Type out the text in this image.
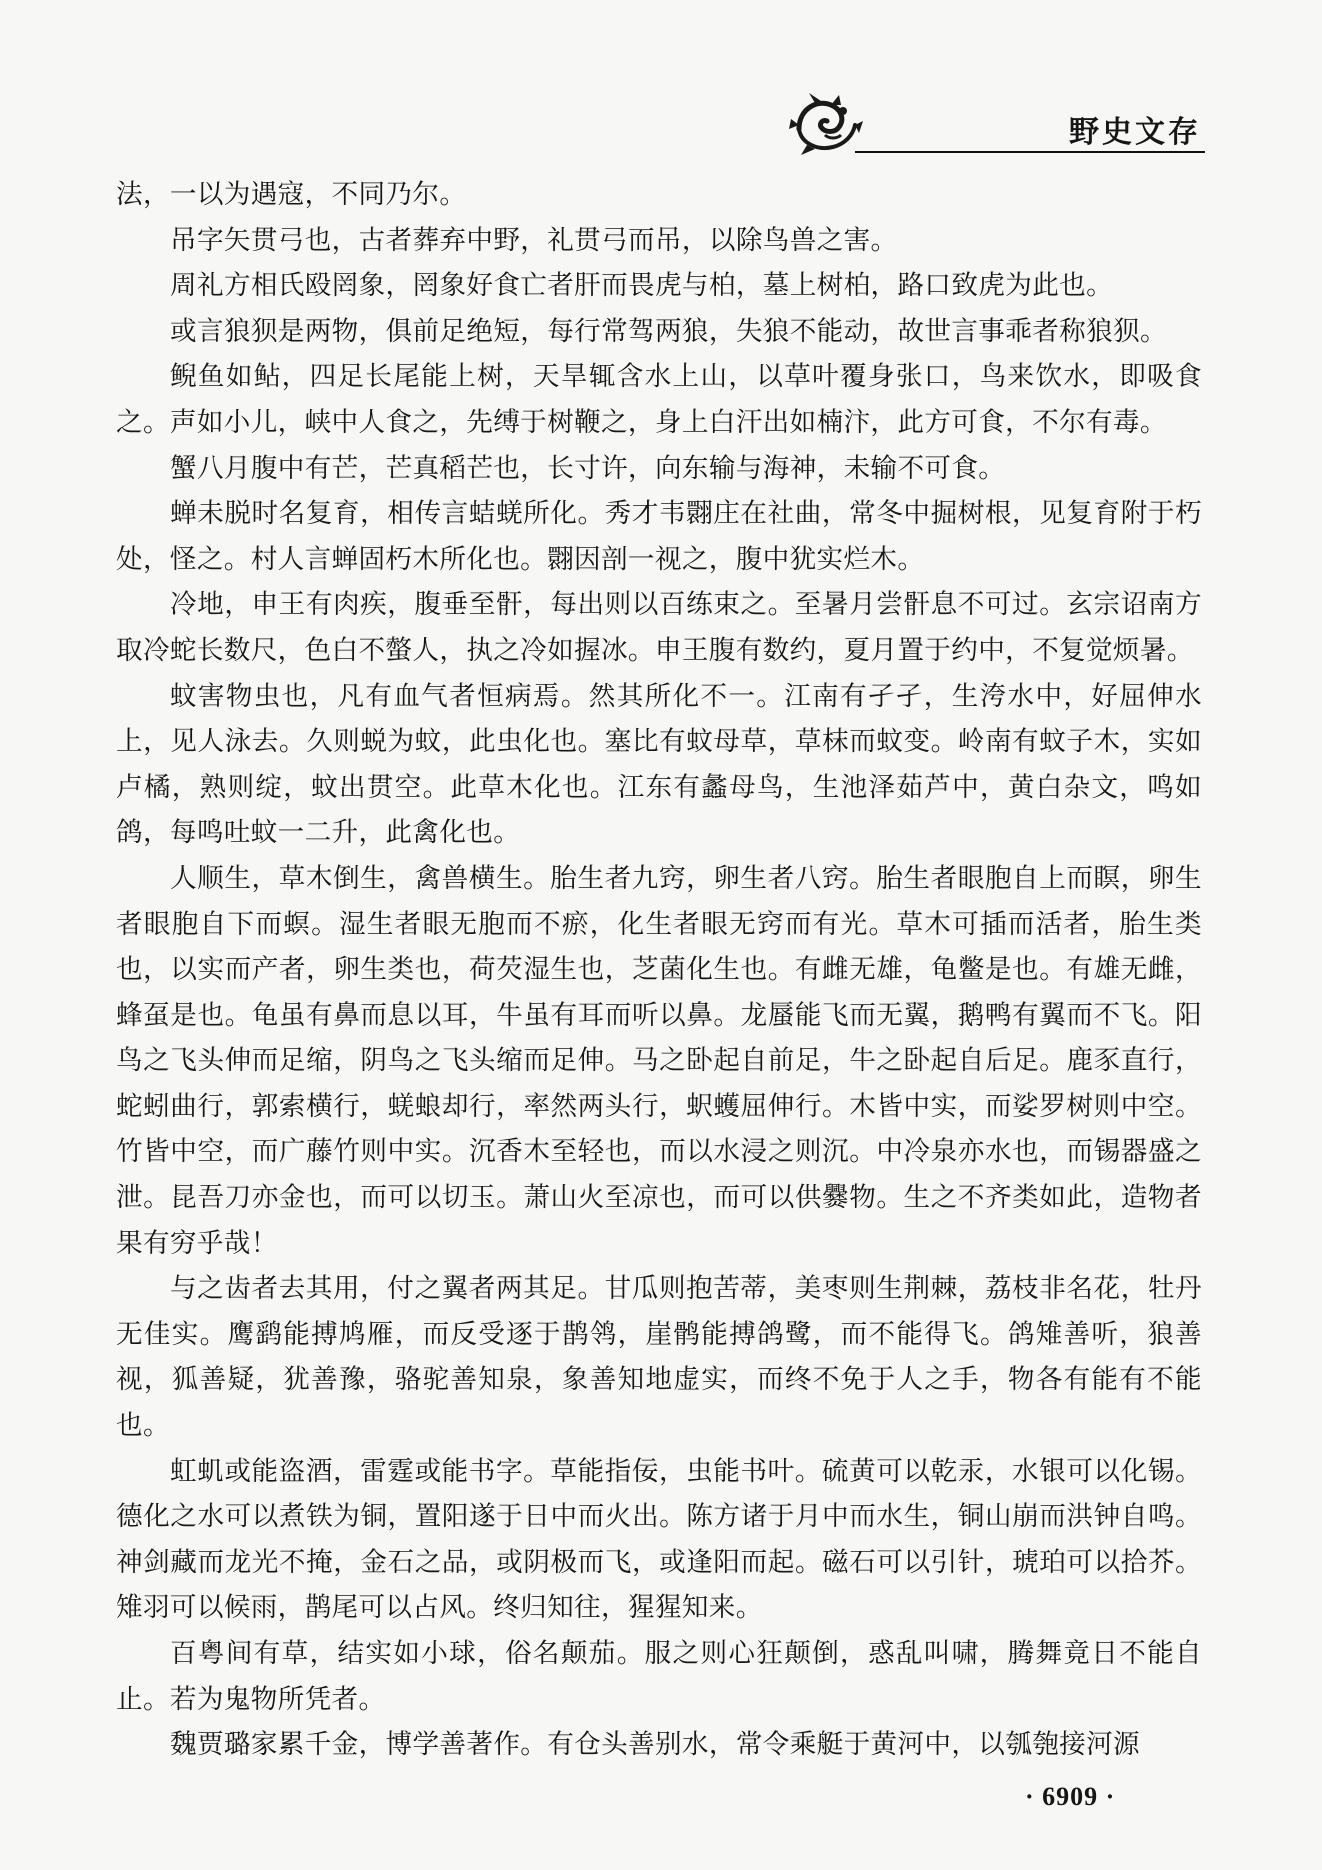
野史文存

法，一以为遇寇，不同乃尔。

吊字矢贯弓也，古者葬弃中野，礼贯弓而吊，以除鸟兽之害。

周礼方相氏殴罔象，罔象好食亡者肝而畏虎与柏，墓上树柏，路口致虎为此也。

或言狼狈是两物，俱前足绝短，每行常驾两狼，失狼不能动，故世言事乖者称狼狈。

鲵鱼如鲇，四足长尾能上树，天旱辄含水上山，以草叶覆身张口，鸟来饮水，即吸食之。声如小儿，峡中人食之，先缚于树鞭之，身上白汗出如楠汴，此方可食，不尔有毒。

蟹八月腹中有芒，芒真稻芒也，长寸许，向东输与海神，未输不可食。

蝉未脱时名复育，相传言蛣蜣所化。秀才韦翾庄在社曲，常冬中掘树根，见复育附于朽处，怪之。村人言蝉固朽木所化也。翾因剖一视之，腹中犹实烂木。

冷地，申王有肉疾，腹垂至骭，每出则以百练束之。至暑月尝骭息不可过。玄宗诏南方取冷蛇长数尺，色白不螫人，执之冷如握冰。申王腹有数约，夏月置于约中，不复觉烦暑。

蚊害物虫也，凡有血气者恒病焉。然其所化不一。江南有孑孑，生洿水中，好屈伸水上，见人泳去。久则蜕为蚊，此虫化也。塞比有蚊母草，草枺而蚊变。岭南有蚊子木，实如卢橘，熟则绽，蚊出贯空。此草木化也。江东有蠡母鸟，生池泽茹芦中，黄白杂文，鸣如鸽，每鸣吐蚊一二升，此禽化也。

人顺生，草木倒生，禽兽横生。胎生者九窍，卵生者八窍。胎生者眼胞自上而瞑，卵生者眼胞自下而螟。湿生者眼无胞而不瘀，化生者眼无窍而有光。草木可插而活者，胎生类也，以实而产者，卵生类也，荷芡湿生也，芝菌化生也。有雌无雄，龟鳖是也。有雄无雌，蜂虿是也。龟虽有鼻而息以耳，牛虽有耳而听以鼻。龙蜃能飞而无翼，鹅鸭有翼而不飞。阳鸟之飞头伸而足缩，阴鸟之飞头缩而足伸。马之卧起自前足，牛之卧起自后足。鹿豕直行，蛇蚓曲行，郭索横行，蜣蜋却行，率然两头行，蚇蠖屈伸行。木皆中实，而娑罗树则中空。竹皆中空，而广藤竹则中实。沉香木至轻也，而以水浸之则沉。中冷泉亦水也，而锡器盛之泄。昆吾刀亦金也，而可以切玉。萧山火至凉也，而可以供爨物。生之不齐类如此，造物者果有穷乎哉！

与之齿者去其用，付之翼者两其足。甘瓜则抱苦蒂，美枣则生荆棘，荔枝非名花，牡丹无佳实。鹰鹞能搏鸠雁，而反受逐于鹊鸰，崖鹘能搏鸽鹭，而不能得飞。鸽雉善听，狼善视，狐善疑，犹善豫，骆驼善知泉，象善知地虚实，而终不免于人之手，物各有能有不能也。

虹虮或能盗酒，雷霆或能书字。草能指佞，虫能书叶。硫黄可以乾汞，水银可以化锡。德化之水可以煮铁为铜，置阳遂于日中而火出。陈方诸于月中而水生，铜山崩而洪钟自鸣。神剑藏而龙光不掩，金石之品，或阴极而飞，或逢阳而起。磁石可以引针，琥珀可以拾芥。雉羽可以候雨，鹊尾可以占风。终归知往，猩猩知来。

百粤间有草，结实如小球，俗名颠茄。服之则心狂颠倒，惑乱叫啸，腾舞竟日不能自止。若为鬼物所凭者。

魏贾璐家累千金，博学善著作。有仓头善别水，常令乘艇于黄河中，以瓠匏接河源

· 6909 ·
